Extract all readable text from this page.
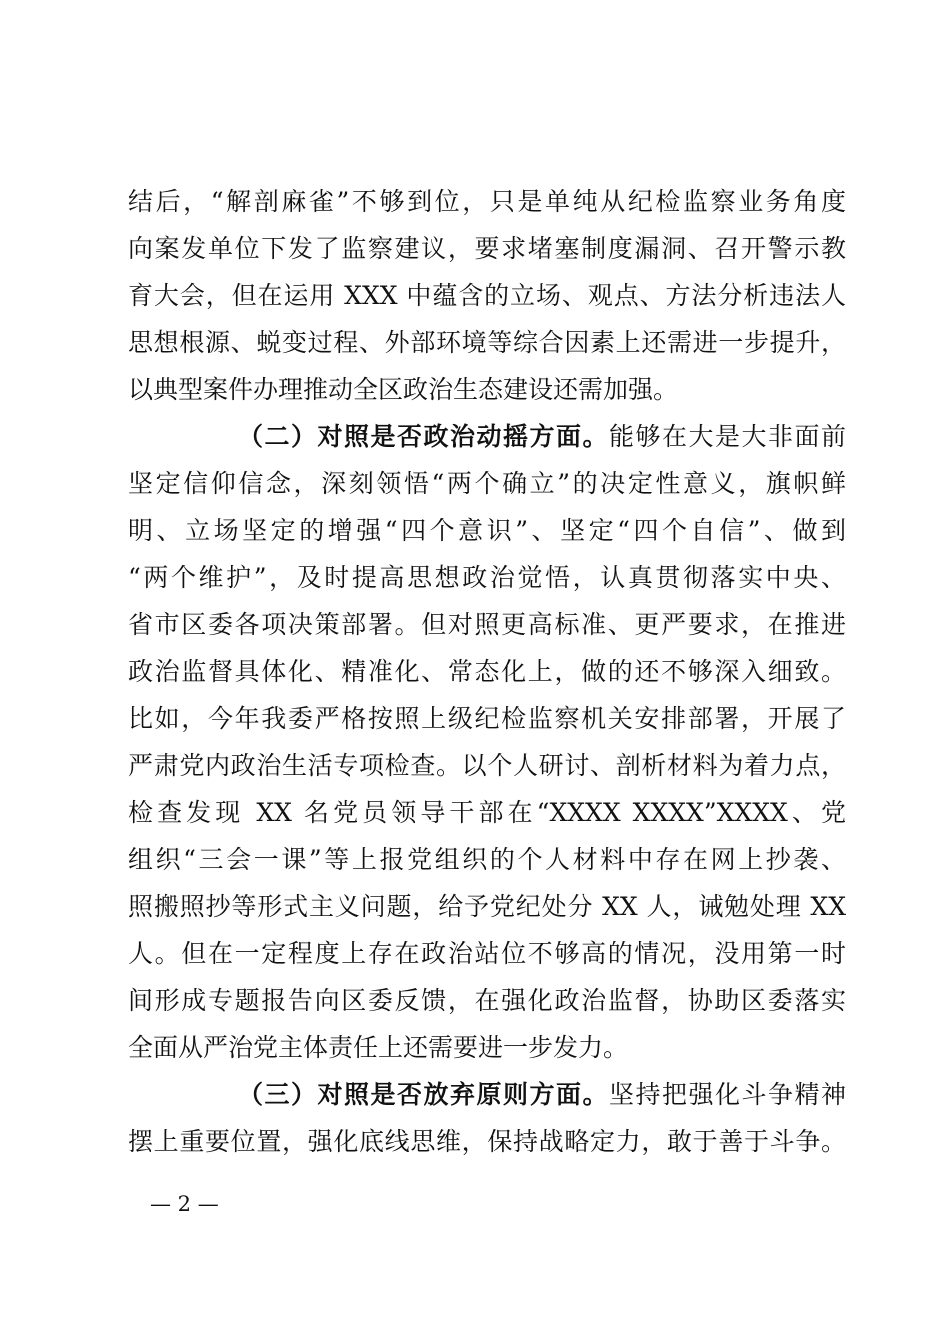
结后，“解剖麻雀”不够到位，只是单纯从纪检监察业务角度
向案发单位下发了监察建议，要求堵塞制度漏洞、召开警示教
育大会，但在运用 XXX 中蕴含的立场、观点、方法分析违法人
思想根源、蜕变过程、外部环境等综合因素上还需进一步提升，
以典型案件办理推动全区政治生态建设还需加强。
（二）对照是否政治动摇方面。能够在大是大非面前
坚定信仰信念，深刻领悟“两个确立”的决定性意义，旗帜鲜
明、立场坚定的增强“四个意识”、坚定“四个自信”、做到
“两个维护”，及时提高思想政治觉悟，认真贯彻落实中央、
省市区委各项决策部署。但对照更高标准、更严要求，在推进
政治监督具体化、精准化、常态化上，做的还不够深入细致。
比如，今年我委严格按照上级纪检监察机关安排部署，开展了
严肃党内政治生活专项检查。以个人研讨、剖析材料为着力点，
检查发现 XX 名党员领导干部在“XXXX XXXX”XXXX、党
组织“三会一课”等上报党组织的个人材料中存在网上抄袭、
照搬照抄等形式主义问题，给予党纪处分 XX 人，诫勉处理 XX
人。但在一定程度上存在政治站位不够高的情况，没用第一时
间形成专题报告向区委反馈，在强化政治监督，协助区委落实
全面从严治党主体责任上还需要进一步发力。
（三）对照是否放弃原则方面。坚持把强化斗争精神
摆上重要位置，强化底线思维，保持战略定力，敢于善于斗争。
— 2 —
